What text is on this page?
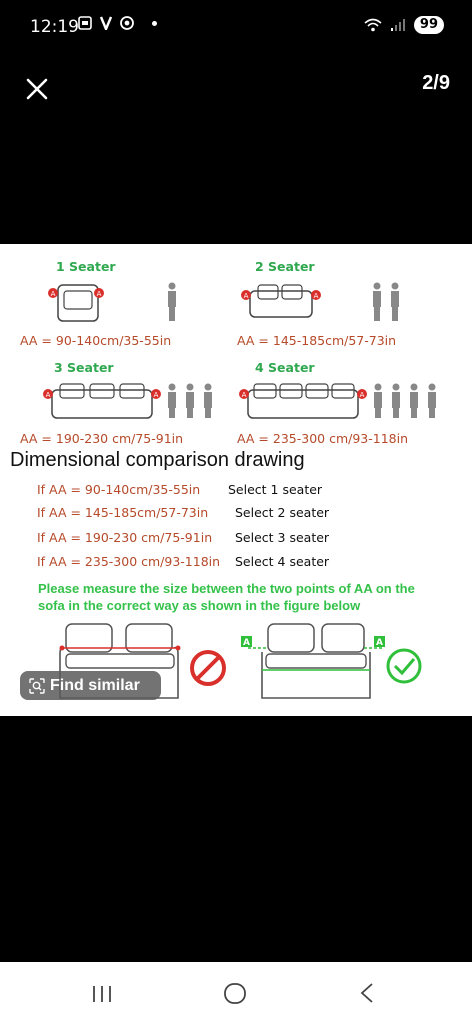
12:19	99
2/9
1 Seater	2 Seater
A	A	A	A
AA = 90-140cm/35-55in	AA = 145-185cm/57-73in
3 Seater	4 Seater
A	A	A	A
AA = 190-230 cm/75-91in	AA = 235-300 cm/93-118in
Dimensional comparison drawing
If AA = 90-140cm/35-55in Select 1 seater
If AA = 145-185cm/57-73in Select 2 seater
If AA = 190-230 cm/75-91in Select 3 seater
If AA = 235-300 cm/93-118in Select 4 seater
Please measure the size between the two points of AA on the sofa in the correct way as shown in the figure below
A	A
Find similar
